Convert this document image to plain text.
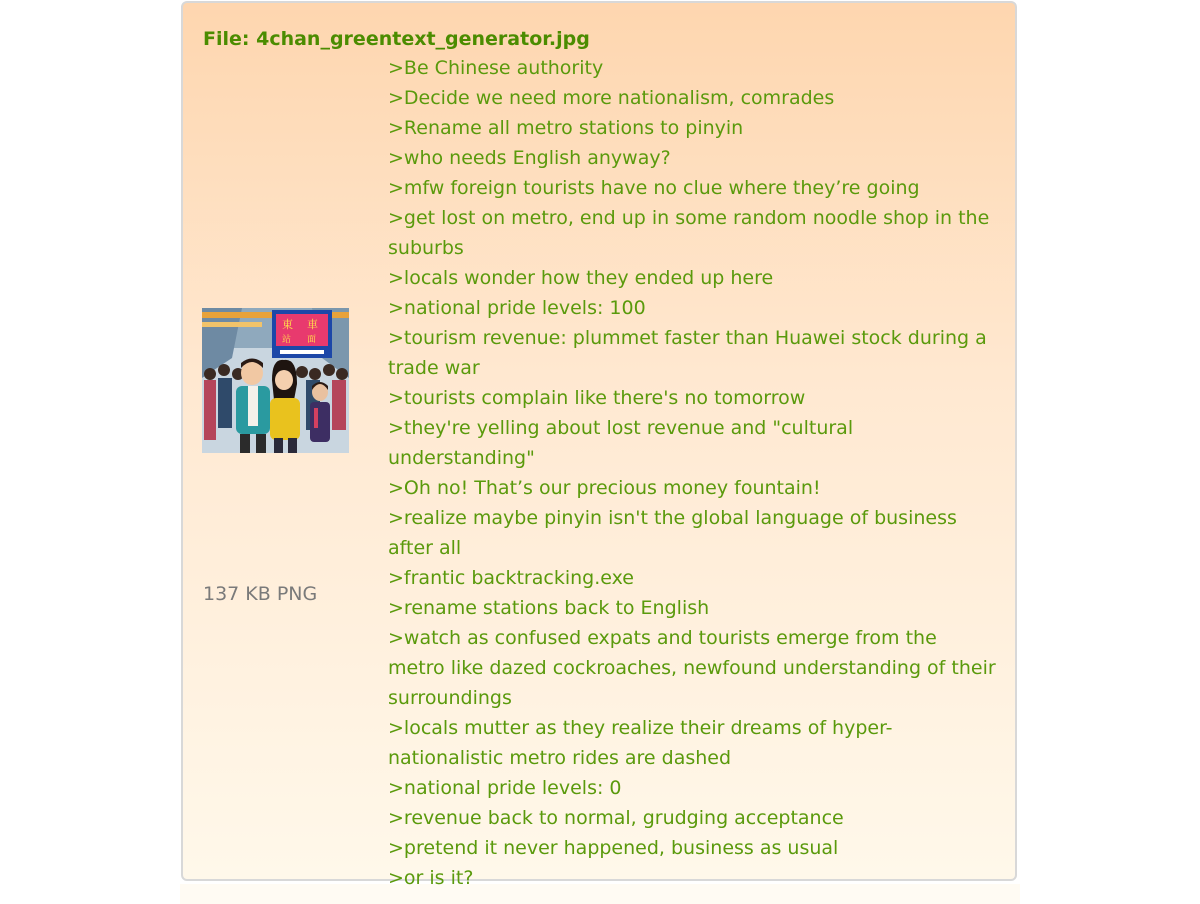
File: 4chan_greentext_generator.jpg
東 車
站 面
137 KB PNG
>Be Chinese authority
>Decide we need more nationalism, comrades
>Rename all metro stations to pinyin
>who needs English anyway?
>mfw foreign tourists have no clue where they’re going
>get lost on metro, end up in some random noodle shop in the suburbs
>locals wonder how they ended up here
>national pride levels: 100
>tourism revenue: plummet faster than Huawei stock during a trade war
>tourists complain like there's no tomorrow
>they're yelling about lost revenue and "cultural understanding"
>Oh no! That’s our precious money fountain!
>realize maybe pinyin isn't the global language of business after all
>frantic backtracking.exe
>rename stations back to English
>watch as confused expats and tourists emerge from the metro like dazed cockroaches, newfound understanding of their surroundings
>locals mutter as they realize their dreams of hyper-nationalistic metro rides are dashed
>national pride levels: 0
>revenue back to normal, grudging acceptance
>pretend it never happened, business as usual
>or is it?
